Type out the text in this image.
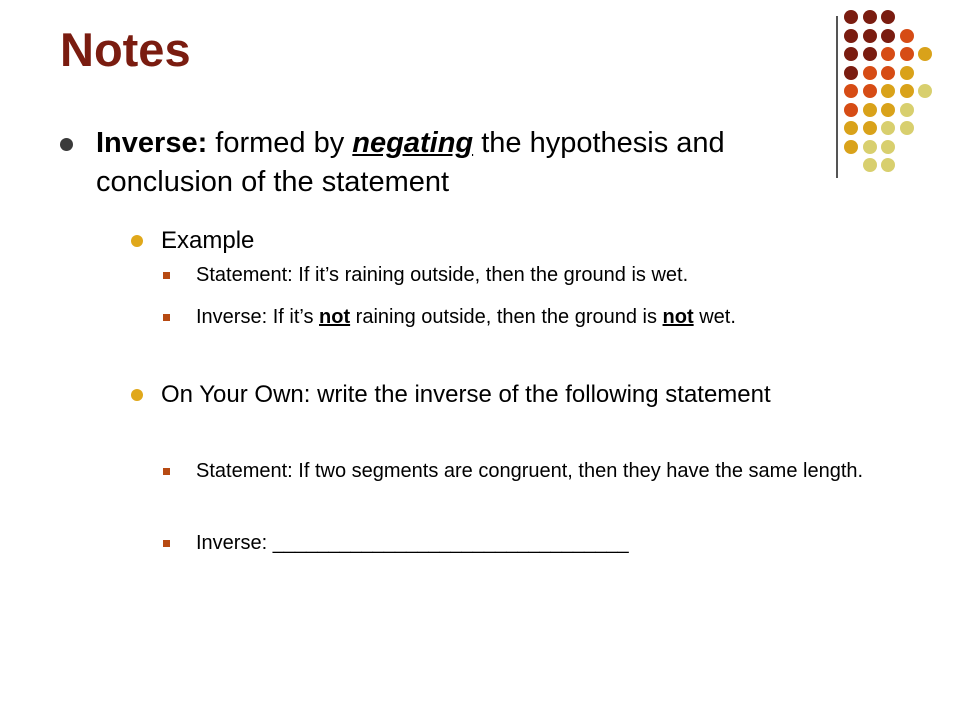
Notes
Inverse: formed by negating the hypothesis and conclusion of the statement
Example
Statement: If it’s raining outside, then the ground is wet.
Inverse: If it’s not raining outside, then the ground is not wet.
On Your Own: write the inverse of the following statement
Statement: If two segments are congruent, then they have the same length.
Inverse: ________________________________
